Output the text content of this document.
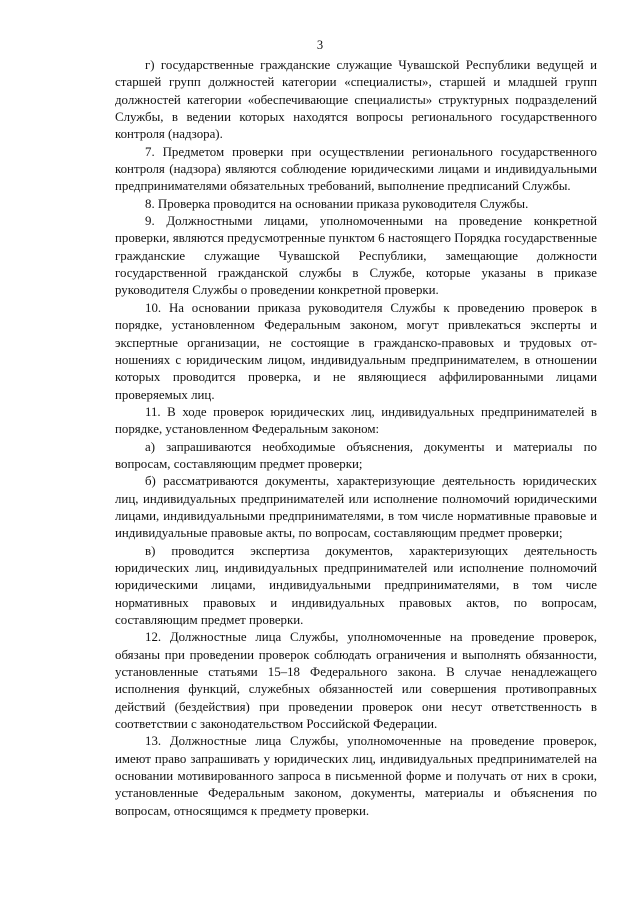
3

г) государственные гражданские служащие Чувашской Республики ведущей и старшей групп должностей категории «специалисты», старшей и младшей групп должностей категории «обеспечивающие специалисты» структурных подразделений Службы, в ведении которых находятся вопросы регионального государственного контроля (надзора).

7. Предметом проверки при осуществлении регионального государственного контроля (надзора) являются соблюдение юридическими лицами и индивидуальными предпринимателями обязательных требований, выполнение предписаний Службы.

8. Проверка проводится на основании приказа руководителя Службы.

9. Должностными лицами, уполномоченными на проведение конкретной проверки, являются предусмотренные пунктом 6 настоящего Порядка государственные гражданские служащие Чувашской Республики, замещающие должности государственной гражданской службы в Службе, которые указаны в приказе руководителя Службы о проведении конкретной проверки.

10. На основании приказа руководителя Службы к проведению проверок в порядке, установленном Федеральным законом, могут привлекаться эксперты и экспертные организации, не состоящие в гражданско-правовых и трудовых отношениях с юридическим лицом, индивидуальным предпринимателем, в отношении которых проводится проверка, и не являющиеся аффилированными лицами проверяемых лиц.

11. В ходе проверок юридических лиц, индивидуальных предпринимателей в порядке, установленном Федеральным законом:

а) запрашиваются необходимые объяснения, документы и материалы по вопросам, составляющим предмет проверки;

б) рассматриваются документы, характеризующие деятельность юридических лиц, индивидуальных предпринимателей или исполнение полномочий юридическими лицами, индивидуальными предпринимателями, в том числе нормативные правовые и индивидуальные правовые акты, по вопросам, составляющим предмет проверки;

в) проводится экспертиза документов, характеризующих деятельность юридических лиц, индивидуальных предпринимателей или исполнение полномочий юридическими лицами, индивидуальными предпринимателями, в том числе нормативных правовых и индивидуальных правовых актов, по вопросам, составляющим предмет проверки.

12. Должностные лица Службы, уполномоченные на проведение проверок, обязаны при проведении проверок соблюдать ограничения и выполнять обязанности, установленные статьями 15–18 Федерального закона. В случае ненадлежащего исполнения функций, служебных обязанностей или совершения противоправных действий (бездействия) при проведении проверок они несут ответственность в соответствии с законодательством Российской Федерации.

13. Должностные лица Службы, уполномоченные на проведение проверок, имеют право запрашивать у юридических лиц, индивидуальных предпринимателей на основании мотивированного запроса в письменной форме и получать от них в сроки, установленные Федеральным законом, документы, материалы и объяснения по вопросам, относящимся к предмету проверки.
